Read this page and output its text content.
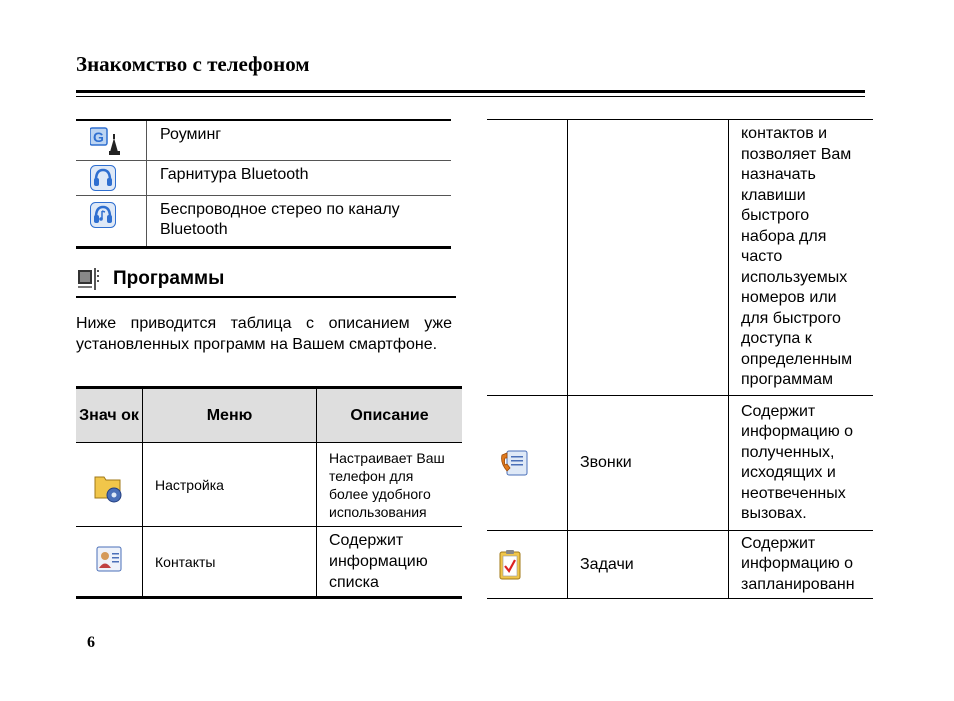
Знакомство с телефоном
G	Роуминг

	Гарнитура Bluetooth

	Беспроводное стерео по каналу Bluetooth
Программы
Ниже приводится таблица с описанием уже установленных программ на Вашем смартфоне.
Знач ок	Меню	Описание
	Настройка	Настраивает Ваш телефон для более удобного использования
	Контакты	Содержит информацию списка
		контактов и позволяет Вам назначать клавиши быстрого набора для часто используемых номеров или для быстрого доступа к определенным программам

	Звонки	Содержит информацию о полученных, исходящих и неотвеченных вызовах.

	Задачи	Содержит информацию о запланированн
6
